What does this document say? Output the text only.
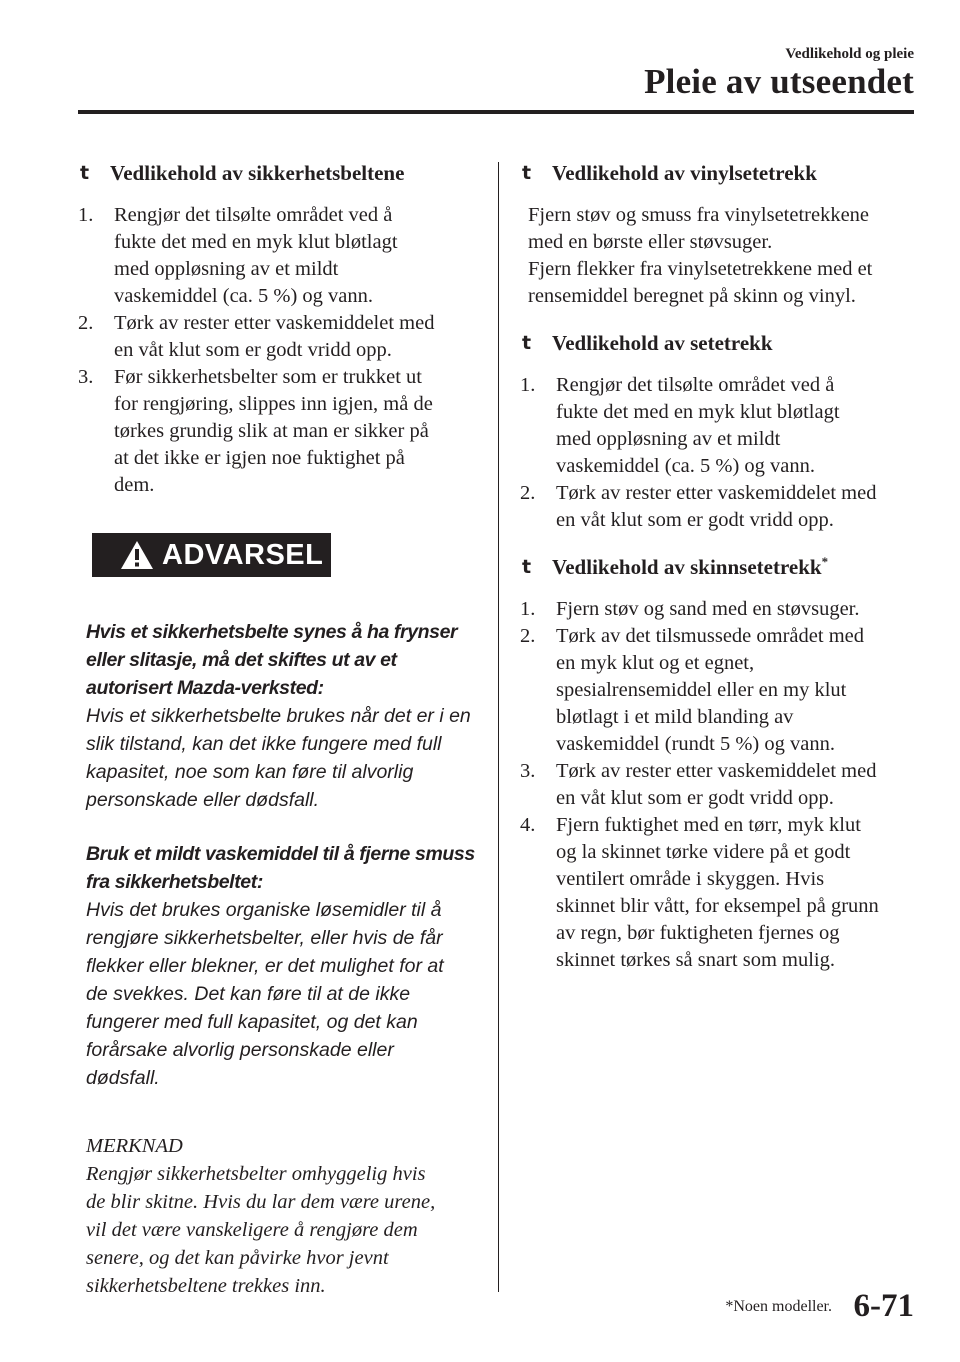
Vedlikehold og pleie
Pleie av utseendet
t Vedlikehold av sikkerhetsbeltene
1.	Rengjør det tilsølte området ved å
fukte det med en myk klut bløtlagt
med oppløsning av et mildt
vaskemiddel (ca. 5 %) og vann.
2.	Tørk av rester etter vaskemiddelet med
en våt klut som er godt vridd opp.
3.	Før sikkerhetsbelter som er trukket ut
for rengjøring, slippes inn igjen, må de
tørkes grundig slik at man er sikker på
at det ikke er igjen noe fuktighet på
dem.
ADVARSEL
Hvis et sikkerhetsbelte synes å ha frynser
eller slitasje, må det skiftes ut av et
autorisert Mazda-verksted:
Hvis et sikkerhetsbelte brukes når det er i en
slik tilstand, kan det ikke fungere med full
kapasitet, noe som kan føre til alvorlig
personskade eller dødsfall.
Bruk et mildt vaskemiddel til å fjerne smuss
fra sikkerhetsbeltet:
Hvis det brukes organiske løsemidler til å
rengjøre sikkerhetsbelter, eller hvis de får
flekker eller blekner, er det mulighet for at
de svekkes. Det kan føre til at de ikke
fungerer med full kapasitet, og det kan
forårsake alvorlig personskade eller
dødsfall.
MERKNAD
Rengjør sikkerhetsbelter omhyggelig hvis
de blir skitne. Hvis du lar dem være urene,
vil det være vanskeligere å rengjøre dem
senere, og det kan påvirke hvor jevnt
sikkerhetsbeltene trekkes inn.
t Vedlikehold av vinylsetetrekk

Fjern støv og smuss fra vinylsetetrekkene
med en børste eller støvsuger.
Fjern flekker fra vinylsetetrekkene med et
rensemiddel beregnet på skinn og vinyl.

t Vedlikehold av setetrekk
1.	Rengjør det tilsølte området ved å
fukte det med en myk klut bløtlagt
med oppløsning av et mildt
vaskemiddel (ca. 5 %) og vann.
2.	Tørk av rester etter vaskemiddelet med
en våt klut som er godt vridd opp.
t Vedlikehold av skinnsetetrekk*
1.	Fjern støv og sand med en støvsuger.
2.	Tørk av det tilsmussede området med
en myk klut og et egnet,
spesialrensemiddel eller en my klut
bløtlagt i et mild blanding av
vaskemiddel (rundt 5 %) og vann.
3.	Tørk av rester etter vaskemiddelet med
en våt klut som er godt vridd opp.
4.	Fjern fuktighet med en tørr, myk klut
og la skinnet tørke videre på et godt
ventilert område i skyggen. Hvis
skinnet blir vått, for eksempel på grunn
av regn, bør fuktigheten fjernes og
skinnet tørkes så snart som mulig.
*Noen modeller. 6-71
